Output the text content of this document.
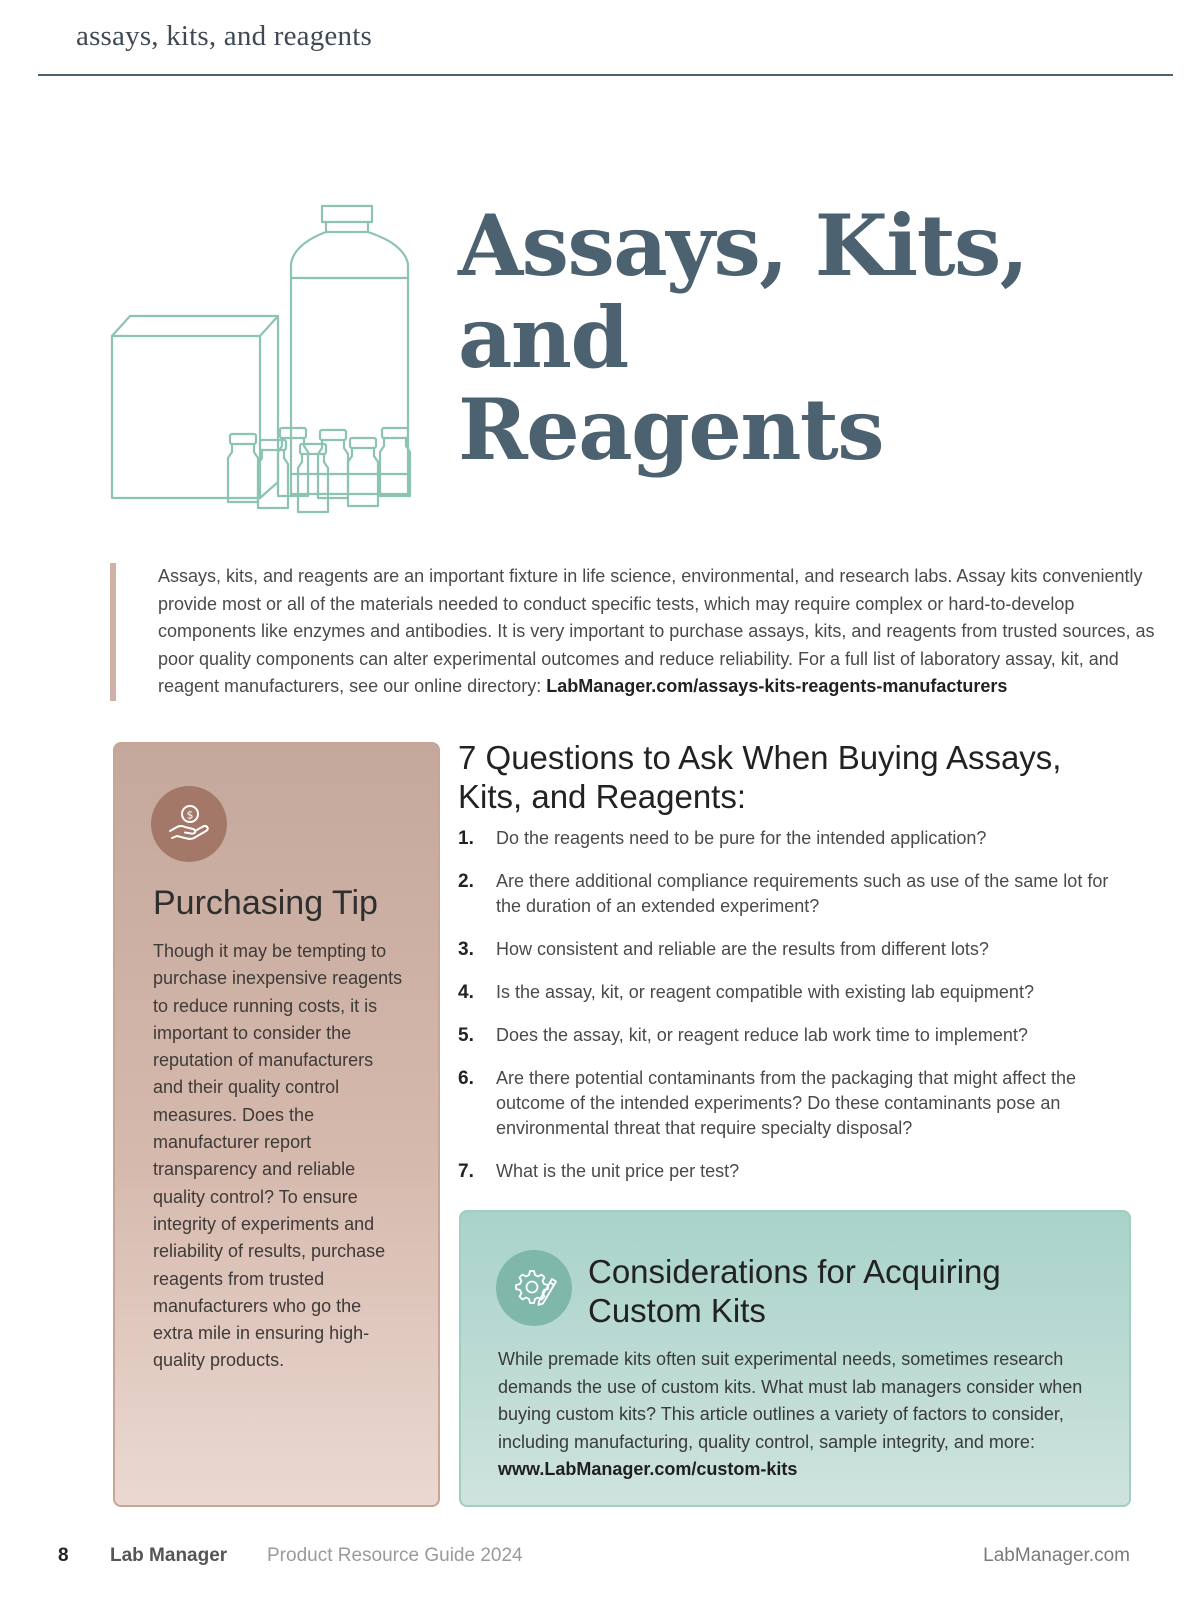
assays, kits, and reagents
Assays, Kits, and
Reagents
Assays, kits, and reagents are an important fixture in life science, environmental, and research labs. Assay kits conveniently provide most or all of the materials needed to conduct specific tests, which may require complex or hard-to-develop components like enzymes and antibodies. It is very important to purchase assays, kits, and reagents from trusted sources, as poor quality components can alter experimental outcomes and reduce reliability. For a full list of laboratory assay, kit, and reagent manufacturers, see our online directory: LabManager.com/assays-kits-reagents-manufacturers
$
Purchasing Tip

Though it may be tempting to purchase inexpensive reagents to reduce running costs, it is important to consider the reputation of manufacturers and their quality control measures. Does the manufacturer report transparency and reliable quality control? To ensure integrity of experiments and reliability of results, purchase reagents from trusted manufacturers who go the extra mile in ensuring high-quality products.

7 Questions to Ask When Buying Assays, Kits, and Reagents:
1. Do the reagents need to be pure for the intended application?
2. Are there additional compliance requirements such as use of the same lot for the duration of an extended experiment?
3. How consistent and reliable are the results from different lots?
4. Is the assay, kit, or reagent compatible with existing lab equipment?
5. Does the assay, kit, or reagent reduce lab work time to implement?
6. Are there potential contaminants from the packaging that might affect the outcome of the intended experiments? Do these contaminants pose an environmental threat that require specialty disposal?
7. What is the unit price per test?
Considerations for Acquiring Custom Kits

While premade kits often suit experimental needs, sometimes research demands the use of custom kits. What must lab managers consider when buying custom kits? This article outlines a variety of factors to consider, including manufacturing, quality control, sample integrity, and more:
www.LabManager.com/custom-kits

8 Lab Manager Product Resource Guide 2024	LabManager.com
